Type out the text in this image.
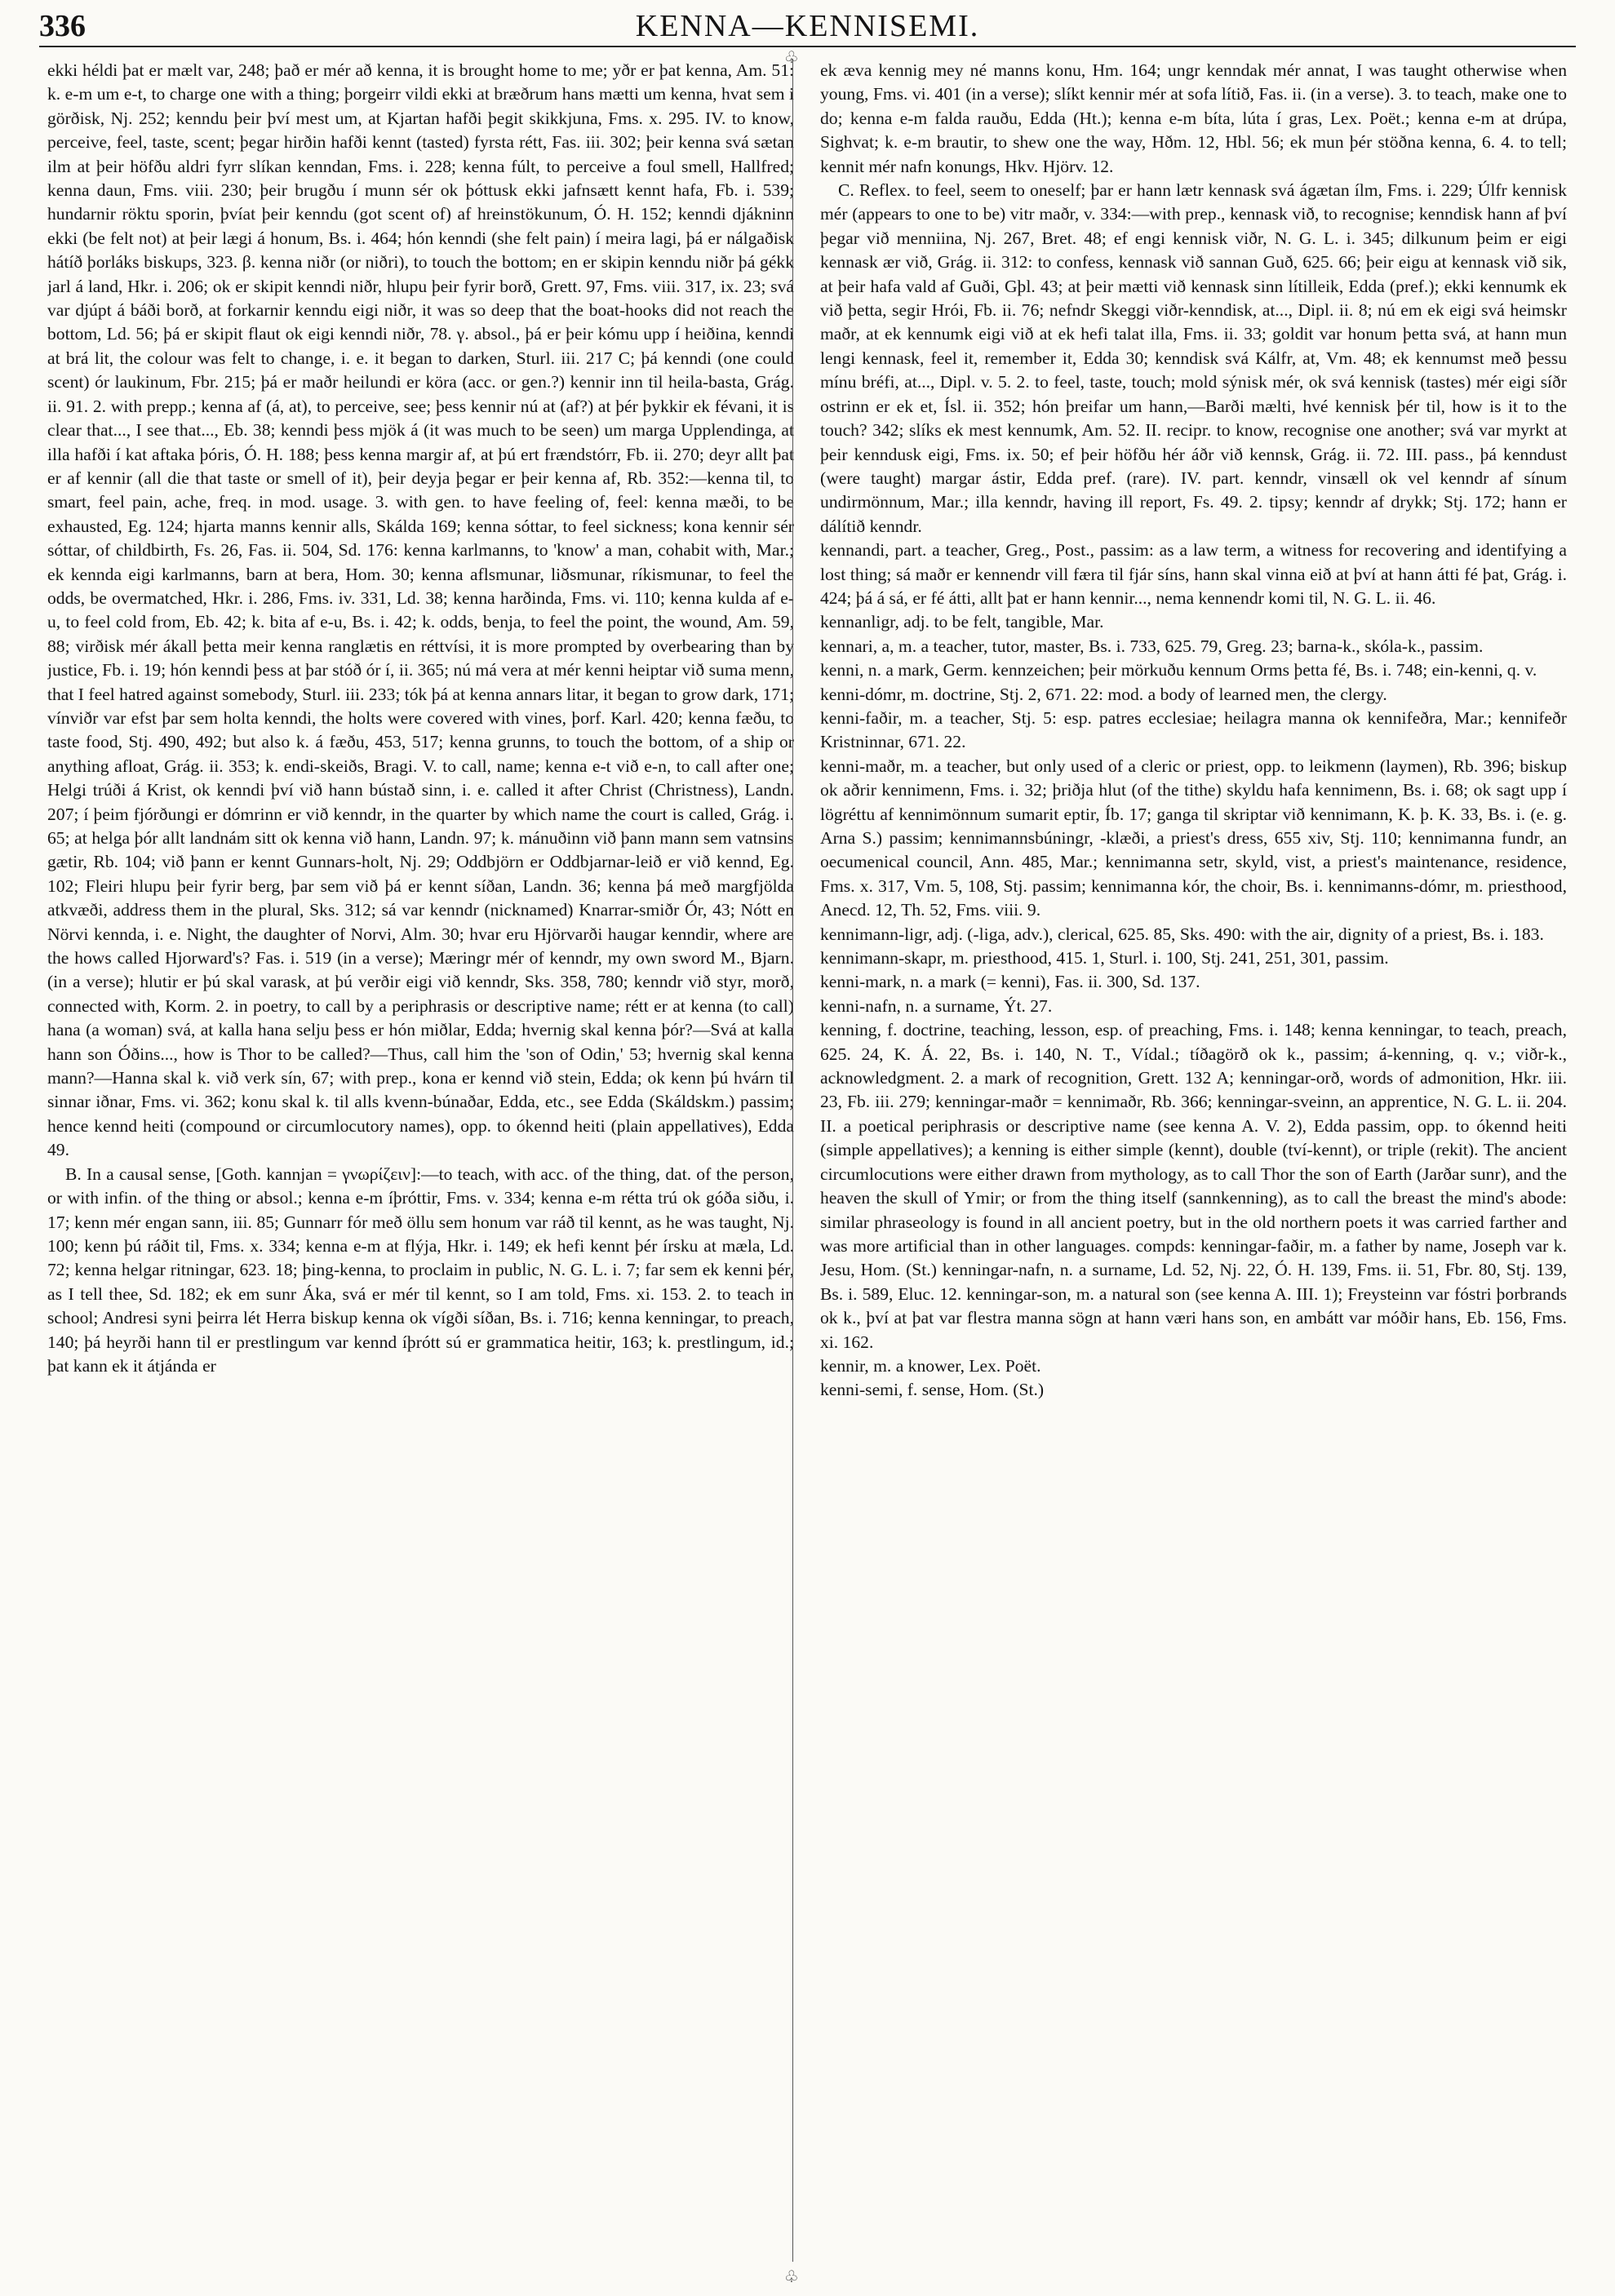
336	KENNA—KENNISEMI.

ekki héldi þat er mælt var, 248; það er mér að kenna, it is brought home to me; yðr er þat kenna, Am. 51: k. e-m um e-t, to charge one with a thing; þorgeirr vildi ekki at bræðrum hans mætti um kenna, hvat sem i görðisk, Nj. 252; kenndu þeir því mest um, at Kjartan hafði þegit skikkjuna, Fms. x. 295. IV. to know, perceive, feel, taste, scent; þegar hirðin hafði kennt (tasted) fyrsta rétt, Fas. iii. 302; þeir kenna svá sætan ilm at þeir höfðu aldri fyrr slíkan kenndan, Fms. i. 228; kenna fúlt, to perceive a foul smell, Hallfred; kenna daun, Fms. viii. 230; þeir brugðu í munn sér ok þóttusk ekki jafnsætt kennt hafa, Fb. i. 539; hundarnir röktu sporin, þvíat þeir kenndu (got scent of) af hreinstökunum, Ó. H. 152; kenndi djákninn ekki (be felt not) at þeir lægi á honum, Bs. i. 464; hón kenndi (she felt pain) í meira lagi, þá er nálgaðisk hátíð þorláks biskups, 323. β. kenna niðr (or niðri), to touch the bottom; en er skipin kenndu niðr þá gékk jarl á land, Hkr. i. 206; ok er skipit kenndi niðr, hlupu þeir fyrir borð, Grett. 97, Fms. viii. 317, ix. 23; svá var djúpt á báði borð, at forkarnir kenndu eigi niðr, it was so deep that the boat-hooks did not reach the bottom, Ld. 56; þá er skipit flaut ok eigi kenndi niðr, 78. γ. absol., þá er þeir kómu upp í heiðina, kenndi at brá lit, the colour was felt to change, i. e. it began to darken, Sturl. iii. 217 C; þá kenndi (one could scent) ór laukinum, Fbr. 215; þá er maðr heilundi er köra (acc. or gen.?) kennir inn til heila-basta, Grág. ii. 91. 2. with prepp.; kenna af (á, at), to perceive, see; þess kennir nú at (af?) at þér þykkir ek févani, it is clear that..., I see that..., Eb. 38; kenndi þess mjök á (it was much to be seen) um marga Upplendinga, at illa hafði í kat aftaka þóris, Ó. H. 188; þess kenna margir af, at þú ert frændstórr, Fb. ii. 270; deyr allt þat er af kennir (all die that taste or smell of it), þeir deyja þegar er þeir kenna af, Rb. 352:—kenna til, to smart, feel pain, ache, freq. in mod. usage. 3. with gen. to have feeling of, feel: kenna mæði, to be exhausted, Eg. 124; hjarta manns kennir alls, Skálda 169; kenna sóttar, to feel sickness; kona kennir sér sóttar, of childbirth, Fs. 26, Fas. ii. 504, Sd. 176: kenna karlmanns, to 'know' a man, cohabit with, Mar.; ek kennda eigi karlmanns, barn at bera, Hom. 30; kenna aflsmunar, liðsmunar, ríkismunar, to feel the odds, be overmatched, Hkr. i. 286, Fms. iv. 331, Ld. 38; kenna harðinda, Fms. vi. 110; kenna kulda af e-u, to feel cold from, Eb. 42; k. bita af e-u, Bs. i. 42; k. odds, benja, to feel the point, the wound, Am. 59, 88; virðisk mér ákall þetta meir kenna ranglætis en réttvísi, it is more prompted by overbearing than by justice, Fb. i. 19; hón kenndi þess at þar stóð ór í, ii. 365; nú má vera at mér kenni heiptar við suma menn, that I feel hatred against somebody, Sturl. iii. 233; tók þá at kenna annars litar, it began to grow dark, 171; vínviðr var efst þar sem holta kenndi, the holts were covered with vines, þorf. Karl. 420; kenna fæðu, to taste food, Stj. 490, 492; but also k. á fæðu, 453, 517; kenna grunns, to touch the bottom, of a ship or anything afloat, Grág. ii. 353; k. endi-skeiðs, Bragi. V. to call, name; kenna e-t við e-n, to call after one; Helgi trúði á Krist, ok kenndi því við hann bústað sinn, i. e. called it after Christ (Christness), Landn. 207; í þeim fjórðungi er dómrinn er við kenndr, in the quarter by which name the court is called, Grág. i. 65; at helga þór allt landnám sitt ok kenna við hann, Landn. 97; k. mánuðinn við þann mann sem vatnsins gætir, Rb. 104; við þann er kennt Gunnars-holt, Nj. 29; Oddbjörn er Oddbjarnar-leið er við kennd, Eg. 102; Fleiri hlupu þeir fyrir berg, þar sem við þá er kennt síðan, Landn. 36; kenna þá með margfjölda atkvæði, address them in the plural, Sks. 312; sá var kenndr (nicknamed) Knarrar-smiðr Ór, 43; Nótt en Nörvi kennda, i. e. Night, the daughter of Norvi, Alm. 30; hvar eru Hjörvarði haugar kenndir, where are the hows called Hjorward's? Fas. i. 519 (in a verse); Mæringr mér of kenndr, my own sword M., Bjarn. (in a verse); hlutir er þú skal varask, at þú verðir eigi við kenndr, Sks. 358, 780; kenndr við styr, morð, connected with, Korm. 2. in poetry, to call by a periphrasis or descriptive name; rétt er at kenna (to call) hana (a woman) svá, at kalla hana selju þess er hón miðlar, Edda; hvernig skal kenna þór?—Svá at kalla hann son Óðins..., how is Thor to be called?—Thus, call him the 'son of Odin,' 53; hvernig skal kenna mann?—Hanna skal k. við verk sín, 67; with prep., kona er kennd við stein, Edda; ok kenn þú hvárn til sinnar iðnar, Fms. vi. 362; konu skal k. til alls kvenn-búnaðar, Edda, etc., see Edda (Skáldskm.) passim; hence kennd heiti (compound or circumlocutory names), opp. to ókennd heiti (plain appellatives), Edda 49.

B. In a causal sense, [Goth. kannjan = γνωρίζειν]:—to teach, with acc. of the thing, dat. of the person, or with infin. of the thing or absol.; kenna e-m íþróttir, Fms. v. 334; kenna e-m rétta trú ok góða siðu, i. 17; kenn mér engan sann, iii. 85; Gunnarr fór með öllu sem honum var ráð til kennt, as he was taught, Nj. 100; kenn þú ráðit til, Fms. x. 334; kenna e-m at flýja, Hkr. i. 149; ek hefi kennt þér írsku at mæla, Ld. 72; kenna helgar ritningar, 623. 18; þing-kenna, to proclaim in public, N. G. L. i. 7; far sem ek kenni þér, as I tell thee, Sd. 182; ek em sunr Áka, svá er mér til kennt, so I am told, Fms. xi. 153. 2. to teach in school; Andresi syni þeirra lét Herra biskup kenna ok vígði síðan, Bs. i. 716; kenna kenningar, to preach, 140; þá heyrði hann til er prestlingum var kennd íþrótt sú er grammatica heitir, 163; k. prestlingum, id.; þat kann ek it átjánda er

♧
♧

ek æva kennig mey né manns konu, Hm. 164; ungr kenndak mér annat, I was taught otherwise when young, Fms. vi. 401 (in a verse); slíkt kennir mér at sofa lítið, Fas. ii. (in a verse). 3. to teach, make one to do; kenna e-m falda rauðu, Edda (Ht.); kenna e-m bíta, lúta í gras, Lex. Poët.; kenna e-m at drúpa, Sighvat; k. e-m brautir, to shew one the way, Hðm. 12, Hbl. 56; ek mun þér stöðna kenna, 6. 4. to tell; kennit mér nafn konungs, Hkv. Hjörv. 12.

C. Reflex. to feel, seem to oneself; þar er hann lætr kennask svá ágætan ílm, Fms. i. 229; Úlfr kennisk mér (appears to one to be) vitr maðr, v. 334:—with prep., kennask við, to recognise; kenndisk hann af því þegar við menniina, Nj. 267, Bret. 48; ef engi kennisk viðr, N. G. L. i. 345; dilkunum þeim er eigi kennask ær við, Grág. ii. 312: to confess, kennask við sannan Guð, 625. 66; þeir eigu at kennask við sik, at þeir hafa vald af Guði, Gþl. 43; at þeir mætti við kennask sinn lítilleik, Edda (pref.); ekki kennumk ek við þetta, segir Hrói, Fb. ii. 76; nefndr Skeggi viðr-kenndisk, at..., Dipl. ii. 8; nú em ek eigi svá heimskr maðr, at ek kennumk eigi við at ek hefi talat illa, Fms. ii. 33; goldit var honum þetta svá, at hann mun lengi kennask, feel it, remember it, Edda 30; kenndisk svá Kálfr, at, Vm. 48; ek kennumst með þessu mínu bréfi, at..., Dipl. v. 5. 2. to feel, taste, touch; mold sýnisk mér, ok svá kennisk (tastes) mér eigi síðr ostrinn er ek et, Ísl. ii. 352; hón þreifar um hann,—Barði mælti, hvé kennisk þér til, how is it to the touch? 342; slíks ek mest kennumk, Am. 52. II. recipr. to know, recognise one another; svá var myrkt at þeir kenndusk eigi, Fms. ix. 50; ef þeir höfðu hér áðr við kennsk, Grág. ii. 72. III. pass., þá kenndust (were taught) margar ástir, Edda pref. (rare). IV. part. kenndr, vinsæll ok vel kenndr af sínum undirmönnum, Mar.; illa kenndr, having ill report, Fs. 49. 2. tipsy; kenndr af drykk; Stj. 172; hann er dálítið kenndr.

kennandi, part. a teacher, Greg., Post., passim: as a law term, a witness for recovering and identifying a lost thing; sá maðr er kennendr vill færa til fjár síns, hann skal vinna eið at því at hann átti fé þat, Grág. i. 424; þá á sá, er fé átti, allt þat er hann kennir..., nema kennendr komi til, N. G. L. ii. 46.

kennanligr, adj. to be felt, tangible, Mar.

kennari, a, m. a teacher, tutor, master, Bs. i. 733, 625. 79, Greg. 23; barna-k., skóla-k., passim.

kenni, n. a mark, Germ. kennzeichen; þeir mörkuðu kennum Orms þetta fé, Bs. i. 748; ein-kenni, q. v.

kenni-dómr, m. doctrine, Stj. 2, 671. 22: mod. a body of learned men, the clergy.

kenni-faðir, m. a teacher, Stj. 5: esp. patres ecclesiae; heilagra manna ok kennifeðra, Mar.; kennifeðr Kristninnar, 671. 22.

kenni-maðr, m. a teacher, but only used of a cleric or priest, opp. to leikmenn (laymen), Rb. 396; biskup ok aðrir kennimenn, Fms. i. 32; þriðja hlut (of the tithe) skyldu hafa kennimenn, Bs. i. 68; ok sagt upp í lögréttu af kennimönnum sumarit eptir, Íb. 17; ganga til skriptar við kennimann, K. þ. K. 33, Bs. i. (e. g. Arna S.) passim; kennimannsbúningr, -klæði, a priest's dress, 655 xiv, Stj. 110; kennimanna fundr, an oecumenical council, Ann. 485, Mar.; kennimanna setr, skyld, vist, a priest's maintenance, residence, Fms. x. 317, Vm. 5, 108, Stj. passim; kennimanna kór, the choir, Bs. i. kennimanns-dómr, m. priesthood, Anecd. 12, Th. 52, Fms. viii. 9.

kennimann-ligr, adj. (-liga, adv.), clerical, 625. 85, Sks. 490: with the air, dignity of a priest, Bs. i. 183.

kennimann-skapr, m. priesthood, 415. 1, Sturl. i. 100, Stj. 241, 251, 301, passim.

kenni-mark, n. a mark (= kenni), Fas. ii. 300, Sd. 137.

kenni-nafn, n. a surname, Ýt. 27.

kenning, f. doctrine, teaching, lesson, esp. of preaching, Fms. i. 148; kenna kenningar, to teach, preach, 625. 24, K. Á. 22, Bs. i. 140, N. T., Vídal.; tíðagörð ok k., passim; á-kenning, q. v.; viðr-k., acknowledgment. 2. a mark of recognition, Grett. 132 A; kenningar-orð, words of admonition, Hkr. iii. 23, Fb. iii. 279; kenningar-maðr = kennimaðr, Rb. 366; kenningar-sveinn, an apprentice, N. G. L. ii. 204. II. a poetical periphrasis or descriptive name (see kenna A. V. 2), Edda passim, opp. to ókennd heiti (simple appellatives); a kenning is either simple (kennt), double (tví-kennt), or triple (rekit). The ancient circumlocutions were either drawn from mythology, as to call Thor the son of Earth (Jarðar sunr), and the heaven the skull of Ymir; or from the thing itself (sannkenning), as to call the breast the mind's abode: similar phraseology is found in all ancient poetry, but in the old northern poets it was carried farther and was more artificial than in other languages. compds: kenningar-faðir, m. a father by name, Joseph var k. Jesu, Hom. (St.) kenningar-nafn, n. a surname, Ld. 52, Nj. 22, Ó. H. 139, Fms. ii. 51, Fbr. 80, Stj. 139, Bs. i. 589, Eluc. 12. kenningar-son, m. a natural son (see kenna A. III. 1); Freysteinn var fóstri þorbrands ok k., því at þat var flestra manna sögn at hann væri hans son, en ambátt var móðir hans, Eb. 156, Fms. xi. 162.

kennir, m. a knower, Lex. Poët.

kenni-semi, f. sense, Hom. (St.)
